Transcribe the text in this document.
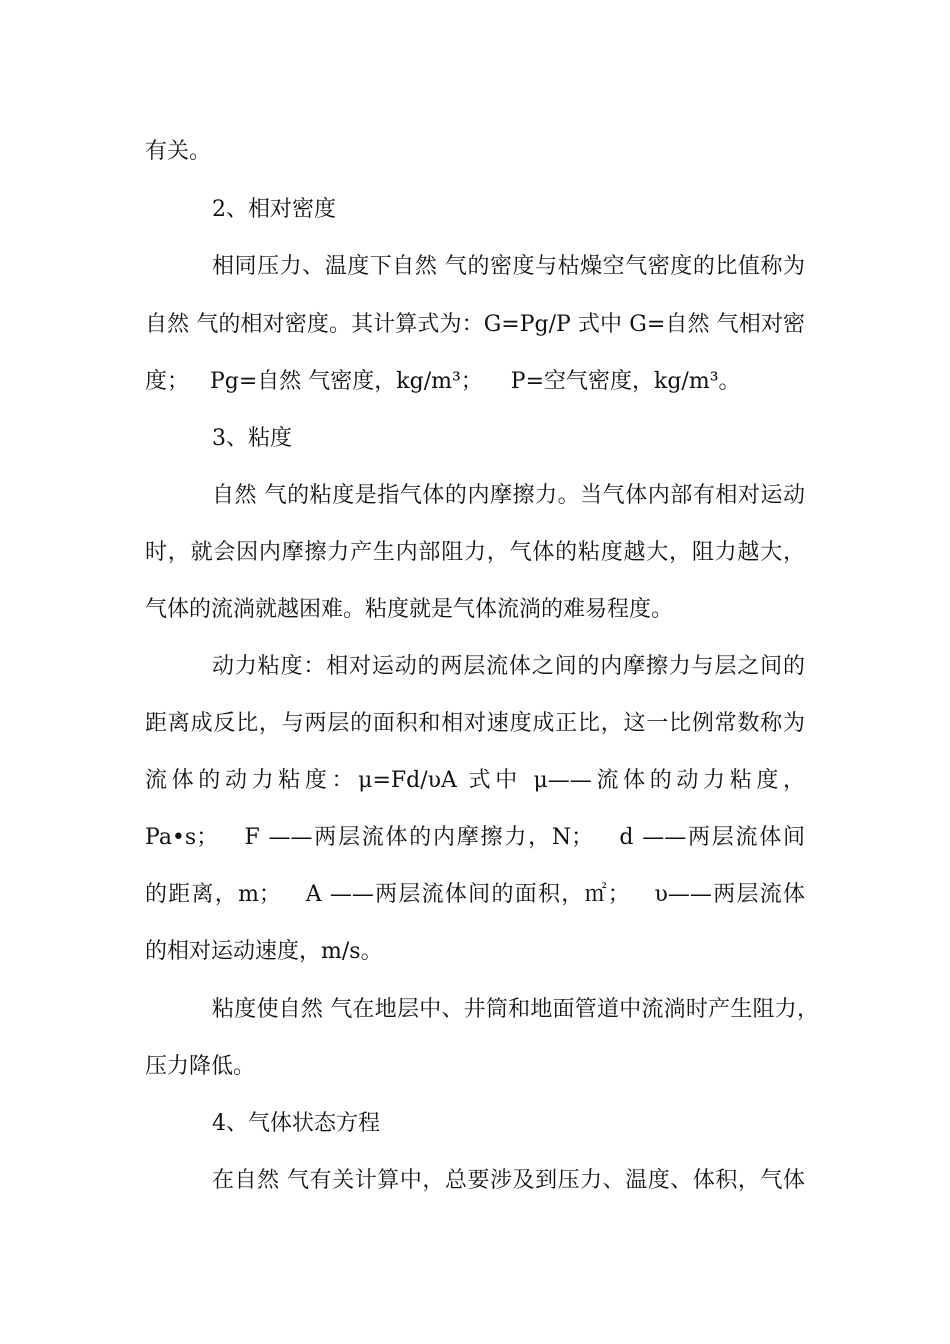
有关。

2、相对密度

相同压力、温度下自然 气的密度与枯燥空气密度的比值称为

自然 气的相对密度。其计算式为：G=Pg/P 式中 G=自然 气相对密

度；   Pg=自然 气密度，kg/m³；    P=空气密度，kg/m³。

3、粘度

自然 气的粘度是指气体的内摩擦力。当气体内部有相对运动

时，就会因内摩擦力产生内部阻力，气体的粘度越大，阻力越大，

气体的流淌就越困难。粘度就是气体流淌的难易程度。

动力粘度：相对运动的两层流体之间的内摩擦力与层之间的

距离成反比，与两层的面积和相对速度成正比，这一比例常数称为

流体的动力粘度：μ=Fd/υA 式中 μ——流体的动力粘度，

Pa•s；   F ——两层流体的内摩擦力，N；   d ——两层流体间

的距离，m；   A ——两层流体间的面积，㎡；   υ——两层流体

的相对运动速度，m/s。

粘度使自然 气在地层中、井筒和地面管道中流淌时产生阻力，

压力降低。

4、气体状态方程

在自然 气有关计算中，总要涉及到压力、温度、体积，气体
